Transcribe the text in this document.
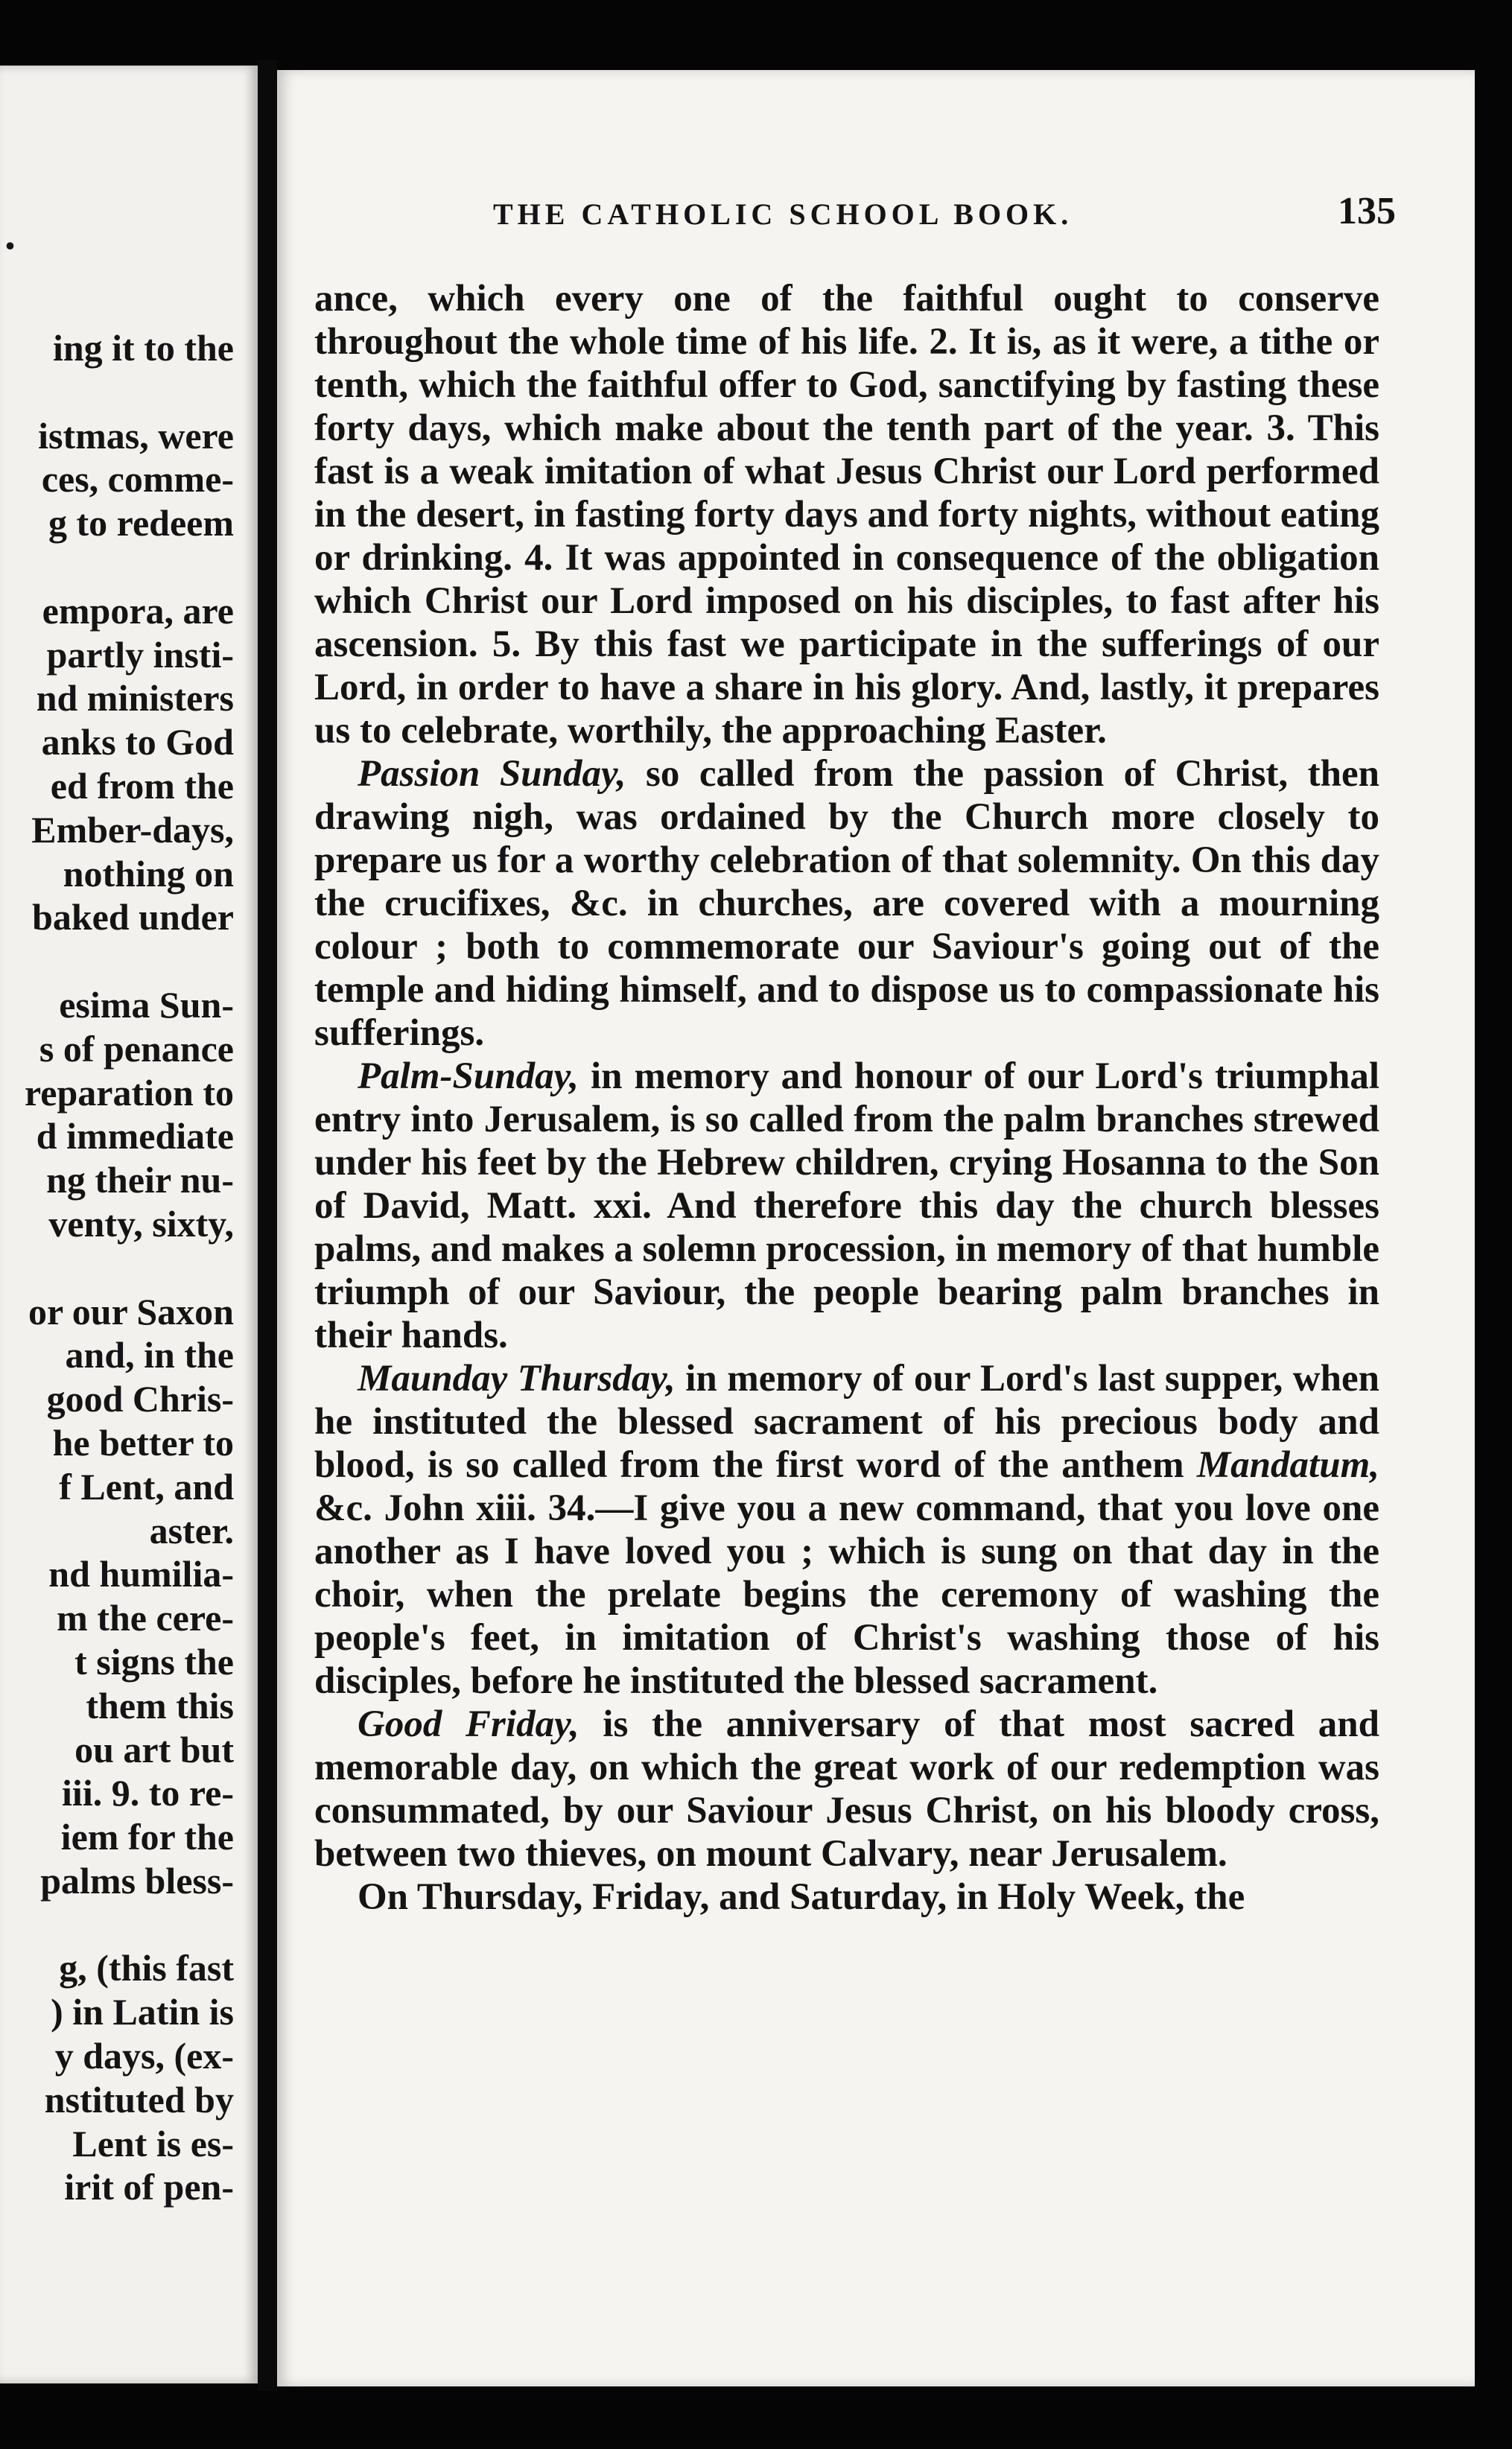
.
ing it to the
istmas, were
ces, comme-
g to redeem
empora, are
partly insti-
nd ministers
anks to God
ed from the
Ember-days,
nothing on
baked under
esima Sun-
s of penance
reparation to
d immediate
ng their nu-
venty, sixty,
or our Saxon
and, in the
good Chris-
he better to
f Lent, and
aster.
nd humilia-
m the cere-
t signs the
them this
ou art but
iii. 9. to re-
iem for the
palms bless-
g, (this fast
) in Latin is
y days, (ex-
nstituted by
Lent is es-
irit of pen-
THE CATHOLIC SCHOOL BOOK.	135

ance, which every one of the faithful ought to conserve throughout the whole time of his life. 2. It is, as it were, a tithe or tenth, which the faithful offer to God, sanctifying by fasting these forty days, which make about the tenth part of the year. 3. This fast is a weak imitation of what Jesus Christ our Lord performed in the desert, in fasting forty days and forty nights, without eating or drinking. 4. It was appointed in consequence of the obligation which Christ our Lord imposed on his disciples, to fast after his ascension. 5. By this fast we participate in the sufferings of our Lord, in order to have a share in his glory. And, lastly, it prepares us to celebrate, worthily, the approaching Easter.

Passion Sunday, so called from the passion of Christ, then drawing nigh, was ordained by the Church more closely to prepare us for a worthy celebration of that solemnity. On this day the crucifixes, &c. in churches, are covered with a mourning colour ; both to commemorate our Saviour's going out of the temple and hiding himself, and to dispose us to compassionate his sufferings.

Palm-Sunday, in memory and honour of our Lord's triumphal entry into Jerusalem, is so called from the palm branches strewed under his feet by the Hebrew children, crying Hosanna to the Son of David, Matt. xxi. And therefore this day the church blesses palms, and makes a solemn procession, in memory of that humble triumph of our Saviour, the people bearing palm branches in their hands.

Maunday Thursday, in memory of our Lord's last supper, when he instituted the blessed sacrament of his precious body and blood, is so called from the first word of the anthem Mandatum, &c. John xiii. 34.—I give you a new command, that you love one another as I have loved you ; which is sung on that day in the choir, when the prelate begins the ceremony of washing the people's feet, in imitation of Christ's washing those of his disciples, before he instituted the blessed sacrament.

Good Friday, is the anniversary of that most sacred and memorable day, on which the great work of our redemption was consummated, by our Saviour Jesus Christ, on his bloody cross, between two thieves, on mount Calvary, near Jerusalem.

On Thursday, Friday, and Saturday, in Holy Week, the
